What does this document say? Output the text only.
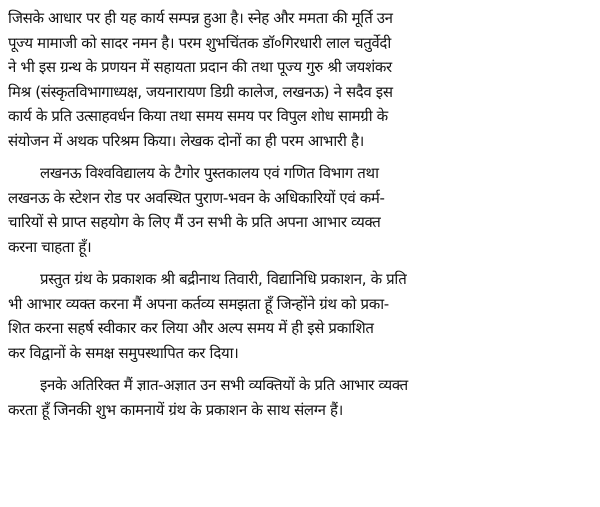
जिसके आधार पर ही यह कार्य सम्पन्न हुआ है। स्नेह और ममता की मूर्ति उन
पूज्य मामाजी को सादर नमन है। परम शुभचिंतक डॉ०गिरधारी लाल चतुर्वेदी
ने भी इस ग्रन्थ के प्रणयन में सहायता प्रदान की तथा पूज्य गुरु श्री जयशंकर
मिश्र (संस्कृतविभागाध्यक्ष, जयनारायण डिग्री कालेज, लखनऊ) ने सदैव इस
कार्य के प्रति उत्साहवर्धन किया तथा समय समय पर विपुल शोध सामग्री के
संयोजन में अथक परिश्रम किया। लेखक दोनों का ही परम आभारी है।
लखनऊ विश्वविद्यालय के टैगोर पुस्तकालय एवं गणित विभाग तथा
लखनऊ के स्टेशन रोड पर अवस्थित पुराण-भवन के अधिकारियों एवं कर्म-
चारियों से प्राप्त सहयोग के लिए मैं उन सभी के प्रति अपना आभार व्यक्त
करना चाहता हूँ।
प्रस्तुत ग्रंथ के प्रकाशक श्री बद्रीनाथ तिवारी, विद्यानिधि प्रकाशन, के प्रति
भी आभार व्यक्त करना मैं अपना कर्तव्य समझता हूँ जिन्होंने ग्रंथ को प्रका-
शित करना सहर्ष स्वीकार कर लिया और अल्प समय में ही इसे प्रकाशित
कर विद्वानों के समक्ष समुपस्थापित कर दिया।
इनके अतिरिक्त मैं ज्ञात-अज्ञात उन सभी व्यक्तियों के प्रति आभार व्यक्त
करता हूँ जिनकी शुभ कामनायें ग्रंथ के प्रकाशन के साथ संलग्न हैं।
